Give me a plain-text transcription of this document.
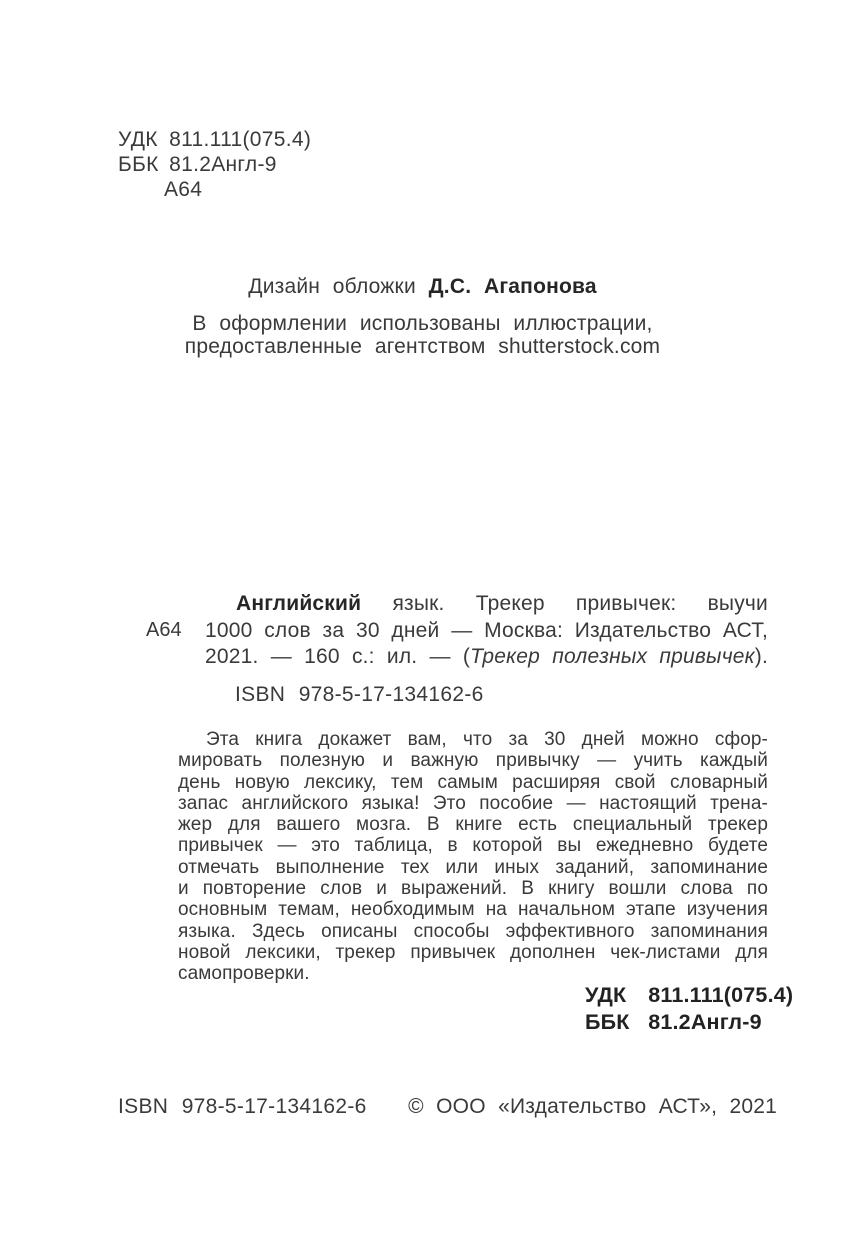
УДК 811.111(075.4)
ББК 81.2Англ-9
А64
Дизайн обложки Д.С. Агапонова
В оформлении использованы иллюстрации,
предоставленные агентством shutterstock.com
А64
Английский язык. Трекер привычек: выучи
1000 слов за 30 дней — Москва: Издательство АСТ,
2021. — 160 с.: ил. — (Трекер полезных привычек).
ISBN 978-5-17-134162-6
Эта книга докажет вам, что за 30 дней можно сфор-
мировать полезную и важную привычку — учить каждый
день новую лексику, тем самым расширяя свой словарный
запас английского языка! Это пособие — настоящий трена-
жер для вашего мозга. В книге есть специальный трекер
привычек — это таблица, в которой вы ежедневно будете
отмечать выполнение тех или иных заданий, запоминание
и повторение слов и выражений. В книгу вошли слова по
основным темам, необходимым на начальном этапе изучения
языка. Здесь описаны способы эффективного запоминания
новой лексики, трекер привычек дополнен чек-листами для
самопроверки.
УДК 811.111(075.4)
ББК 81.2Англ-9
ISBN 978-5-17-134162-6 © ООО «Издательство АСТ», 2021
